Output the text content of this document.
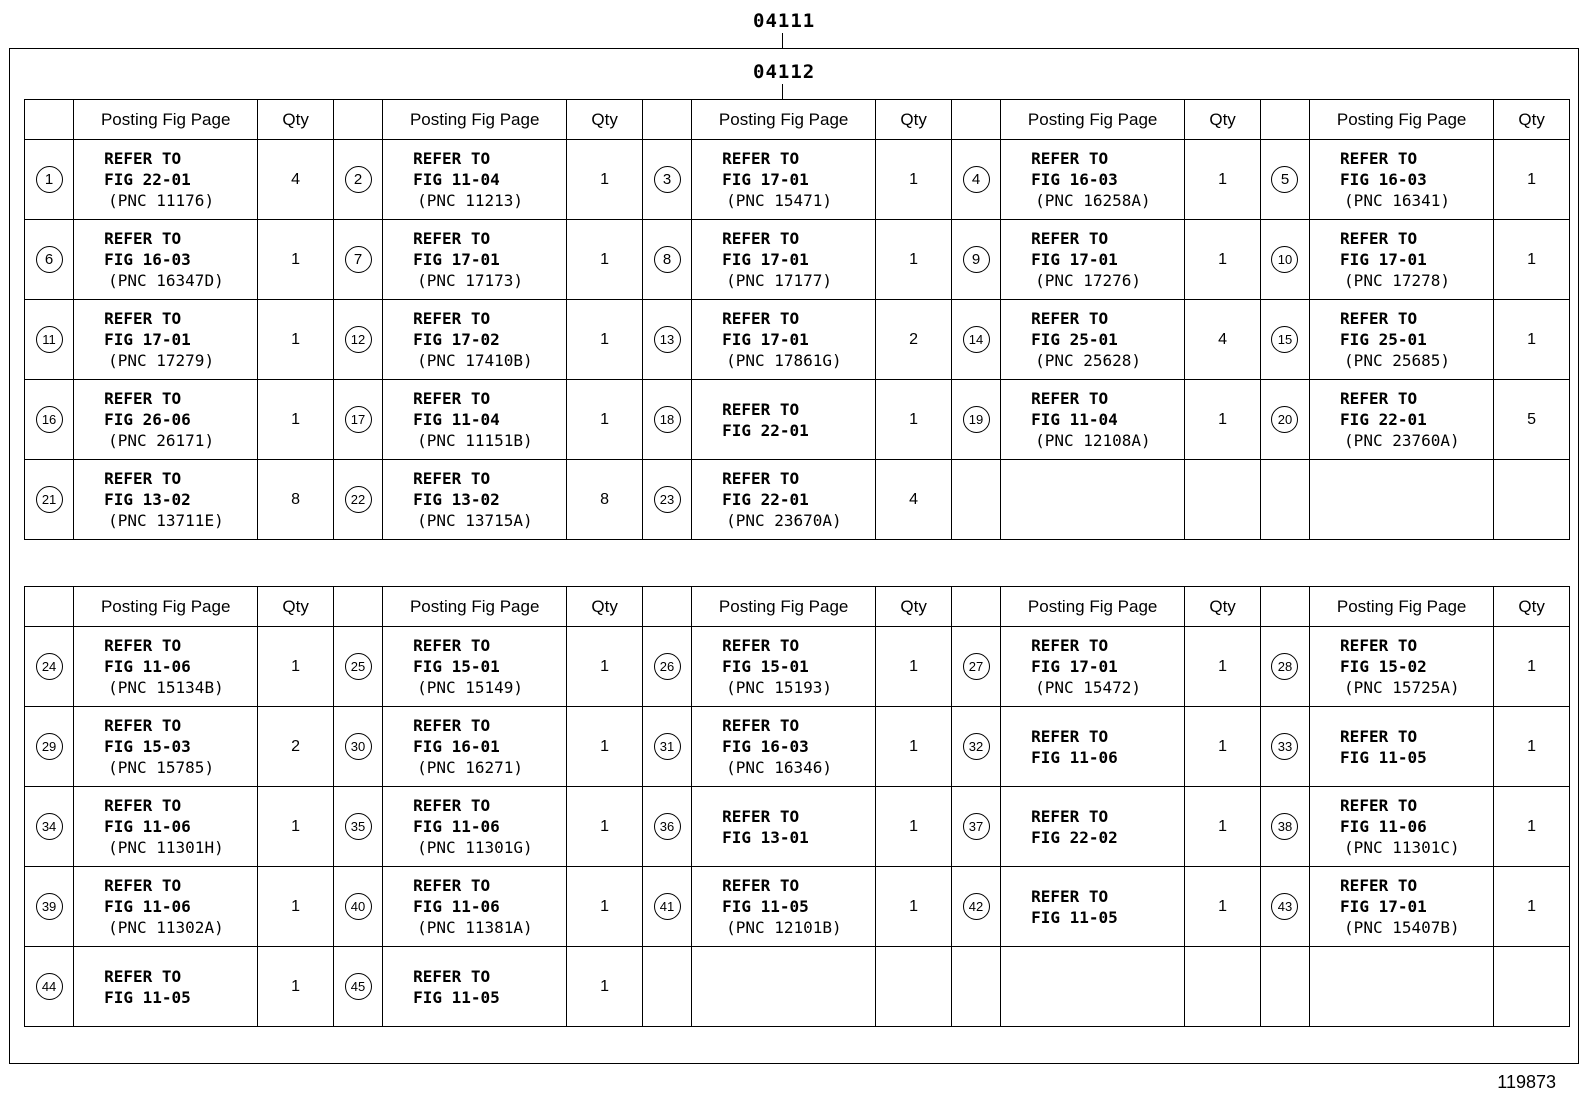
04111
04112
	Posting Fig Page	Qty		Posting Fig Page	Qty		Posting Fig Page	Qty		Posting Fig Page	Qty		Posting Fig Page	Qty
1	REFER TO
FIG 22-01
(PNC 11176)	4	2	REFER TO
FIG 11-04
(PNC 11213)	1	3	REFER TO
FIG 17-01
(PNC 15471)	1	4	REFER TO
FIG 16-03
(PNC 16258A)	1	5	REFER TO
FIG 16-03
(PNC 16341)	1
6	REFER TO
FIG 16-03
(PNC 16347D)	1	7	REFER TO
FIG 17-01
(PNC 17173)	1	8	REFER TO
FIG 17-01
(PNC 17177)	1	9	REFER TO
FIG 17-01
(PNC 17276)	1	10	REFER TO
FIG 17-01
(PNC 17278)	1
11	REFER TO
FIG 17-01
(PNC 17279)	1	12	REFER TO
FIG 17-02
(PNC 17410B)	1	13	REFER TO
FIG 17-01
(PNC 17861G)	2	14	REFER TO
FIG 25-01
(PNC 25628)	4	15	REFER TO
FIG 25-01
(PNC 25685)	1
16	REFER TO
FIG 26-06
(PNC 26171)	1	17	REFER TO
FIG 11-04
(PNC 11151B)	1	18	REFER TO
FIG 22-01	1	19	REFER TO
FIG 11-04
(PNC 12108A)	1	20	REFER TO
FIG 22-01
(PNC 23760A)	5
21	REFER TO
FIG 13-02
(PNC 13711E)	8	22	REFER TO
FIG 13-02
(PNC 13715A)	8	23	REFER TO
FIG 22-01
(PNC 23670A)	4						
	Posting Fig Page	Qty		Posting Fig Page	Qty		Posting Fig Page	Qty		Posting Fig Page	Qty		Posting Fig Page	Qty
24	REFER TO
FIG 11-06
(PNC 15134B)	1	25	REFER TO
FIG 15-01
(PNC 15149)	1	26	REFER TO
FIG 15-01
(PNC 15193)	1	27	REFER TO
FIG 17-01
(PNC 15472)	1	28	REFER TO
FIG 15-02
(PNC 15725A)	1
29	REFER TO
FIG 15-03
(PNC 15785)	2	30	REFER TO
FIG 16-01
(PNC 16271)	1	31	REFER TO
FIG 16-03
(PNC 16346)	1	32	REFER TO
FIG 11-06	1	33	REFER TO
FIG 11-05	1
34	REFER TO
FIG 11-06
(PNC 11301H)	1	35	REFER TO
FIG 11-06
(PNC 11301G)	1	36	REFER TO
FIG 13-01	1	37	REFER TO
FIG 22-02	1	38	REFER TO
FIG 11-06
(PNC 11301C)	1
39	REFER TO
FIG 11-06
(PNC 11302A)	1	40	REFER TO
FIG 11-06
(PNC 11381A)	1	41	REFER TO
FIG 11-05
(PNC 12101B)	1	42	REFER TO
FIG 11-05	1	43	REFER TO
FIG 17-01
(PNC 15407B)	1
44	REFER TO
FIG 11-05	1	45	REFER TO
FIG 11-05	1									
119873
